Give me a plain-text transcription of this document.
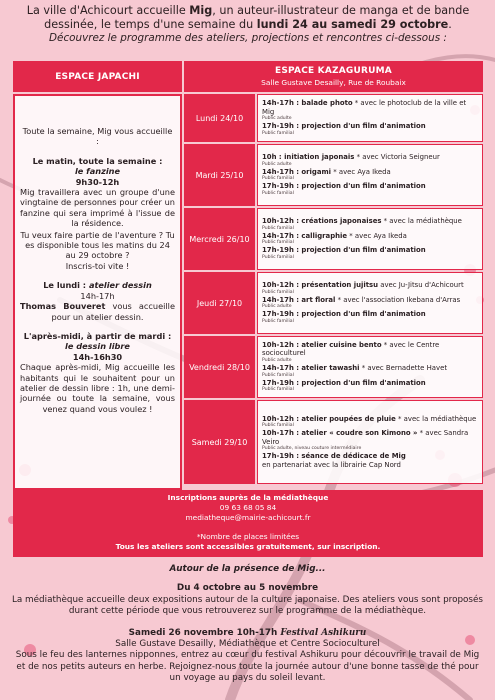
La ville d'Achicourt accueille Mig, un auteur-illustrateur de manga et de bande dessinée, le temps d'une semaine du lundi 24 au samedi 29 octobre.
Découvrez le programme des ateliers, projections et rencontres ci-dessous :
ESPACE JAPACHI
ESPACE KAZAGURUMA
Salle Gustave Desailly, Rue de Roubaix

Toute la semaine, Mig vous accueille :

Le matin, toute la semaine :
le fanzine
9h30-12h

Mig travaillera avec un groupe d'une vingtaine de personnes pour créer un fanzine qui sera imprimé à l'issue de la résidence.

Tu veux faire partie de l'aventure ? Tu es disponible tous les matins du 24 au 29 octobre ?
Inscris-toi vite !
Le lundi : atelier dessin
14h-17h

Thomas Bouveret vous accueille pour un atelier dessin.

L'après-midi, à partir de mardi :
le dessin libre
14h-16h30

Chaque après-midi, Mig accueille les habitants qui le souhaitent pour un atelier de dessin libre : 1h, une demi-journée ou toute la semaine, vous venez quand vous voulez !

Lundi 24/10
14h-17h : balade photo * avec le photoclub de la ville et Mig
Public adulte
17h-19h : projection d'un film d'animation
Public familial
Mardi 25/10
10h : initiation japonais * avec Victoria Seigneur
Public adulte
14h-17h : origami * avec Aya Ikeda
Public familial
17h-19h : projection d'un film d'animation
Public familial
Mercredi 26/10
10h-12h : créations japonaises * avec la médiathèque
Public familial
14h-17h : calligraphie * avec Aya Ikeda
Public familial
17h-19h : projection d'un film d'animation
Public familial
Jeudi 27/10
10h-12h : présentation jujitsu avec Ju-Jitsu d'Achicourt
Public familial
14h-17h : art floral * avec l'association Ikebana d'Arras
Public adulte
17h-19h : projection d'un film d'animation
Public familial
Vendredi 28/10
10h-12h : atelier cuisine bento * avec le Centre socioculturel
Public adulte
14h-17h : atelier tawashi * avec Bernadette Havet
Public familial
17h-19h : projection d'un film d'animation
Public familial
Samedi 29/10
10h-12h : atelier poupées de pluie * avec la médiathèque
Public familial
10h-17h : atelier « coudre son Kimono » * avec Sandra Veiro
Public adulte, niveau couture intermédiaire
17h-19h : séance de dédicace de Mig
en partenariat avec la librairie Cap Nord
Inscriptions auprès de la médiathèque
09 63 68 05 84
mediatheque@mairie-achicourt.fr
*Nombre de places limitées
Tous les ateliers sont accessibles gratuitement, sur inscription.
Autour de la présence de Mig...
Du 4 octobre au 5 novembre
La médiathèque accueille deux expositions autour de la culture japonaise. Des ateliers vous sont proposés durant cette période que vous retrouverez sur le programme de la médiathèque.
Samedi 26 novembre 10h-17h Festival Ashikuru
Salle Gustave Desailly, Médiathèque et Centre Socioculturel
Sous le feu des lanternes nipponnes, entrez au cœur du festival Ashikuru pour découvrir le travail de Mig et de nos petits auteurs en herbe. Rejoignez-nous toute la journée autour d'une bonne tasse de thé pour un voyage au pays du soleil levant.
